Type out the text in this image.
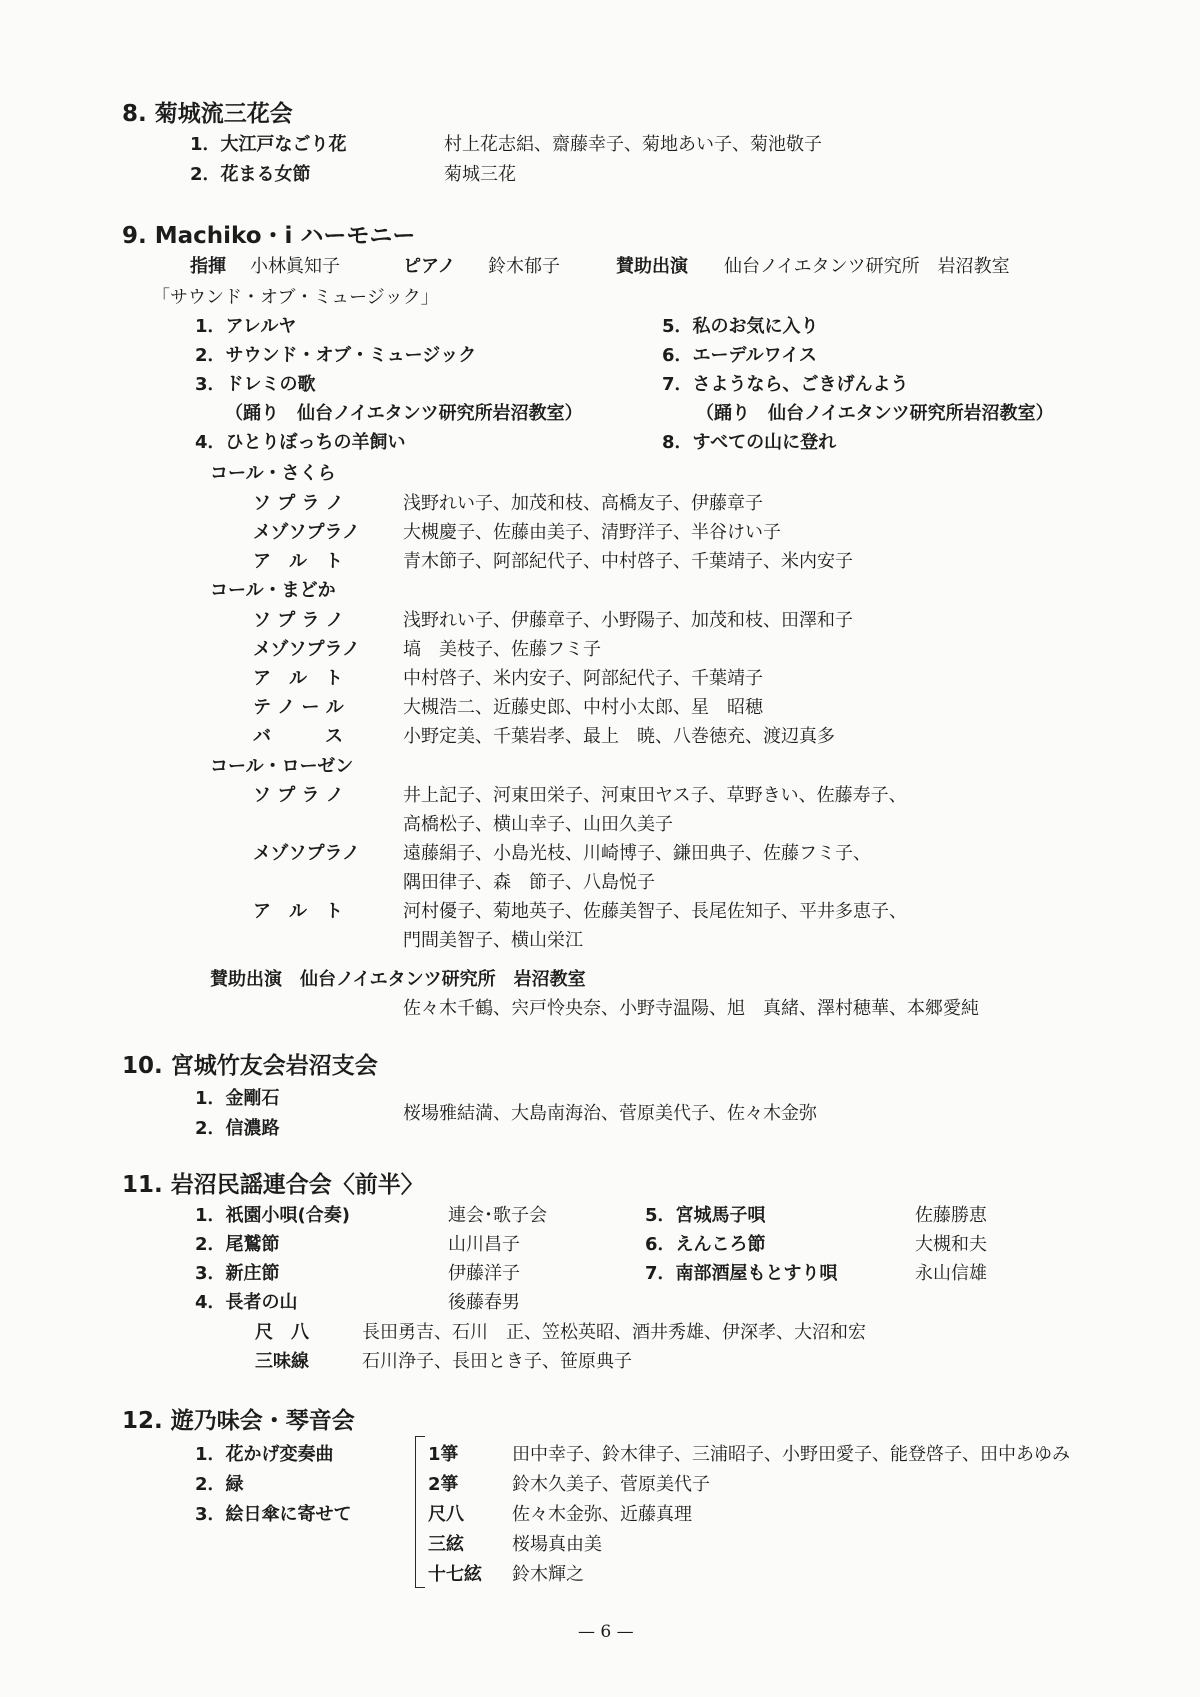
8. 菊城流三花会
1．大江戸なごり花	村上花志絽、齋藤幸子、菊地あい子、菊池敬子
2．花まる女節	菊城三花
9. Machiko・i ハーモニー
指揮 小林眞知子	ピアノ 鈴木郁子	賛助出演 仙台ノイエタンツ研究所　岩沼教室
「サウンド・オブ・ミュージック」
1．アレルヤ
2．サウンド・オブ・ミュージック
3．ドレミの歌
（踊り　仙台ノイエタンツ研究所岩沼教室）
4．ひとりぼっちの羊飼い
5．私のお気に入り
6．エーデルワイス
7．さようなら、ごきげんよう
（踊り　仙台ノイエタンツ研究所岩沼教室）
8．すべての山に登れ
コール・さくら
ソ プ ラ ノ	浅野れい子、加茂和枝、高橋友子、伊藤章子
メゾソプラノ 大槻慶子、佐藤由美子、清野洋子、半谷けい子
ア　ル　ト	青木節子、阿部紀代子、中村啓子、千葉靖子、米内安子
コール・まどか
ソ プ ラ ノ	浅野れい子、伊藤章子、小野陽子、加茂和枝、田澤和子
メゾソプラノ 塙　美枝子、佐藤フミ子
ア　ル　ト	中村啓子、米内安子、阿部紀代子、千葉靖子
テ ノ ー ル	大槻浩二、近藤史郎、中村小太郎、星　昭穂
バ　　　ス	小野定美、千葉岩孝、最上　暁、八巻徳充、渡辺真多
コール・ローゼン
ソ プ ラ ノ	井上記子、河東田栄子、河東田ヤス子、草野きい、佐藤寿子、
高橋松子、横山幸子、山田久美子
メゾソプラノ 遠藤絹子、小島光枝、川崎博子、鎌田典子、佐藤フミ子、
隅田律子、森　節子、八島悦子
ア　ル　ト	河村優子、菊地英子、佐藤美智子、長尾佐知子、平井多恵子、
門間美智子、横山栄江
賛助出演　仙台ノイエタンツ研究所　岩沼教室
佐々木千鶴、宍戸怜央奈、小野寺温陽、旭　真緒、澤村穂華、本郷愛純
10. 宮城竹友会岩沼支会
1．金剛石
2．信濃路
桜場雅結満、大島南海治、菅原美代子、佐々木金弥
11. 岩沼民謡連合会〈前半〉
1．祇園小唄(合奏)	連会･歌子会
2．尾鷲節	山川昌子
3．新庄節	伊藤洋子
4．長者の山	後藤春男
5．宮城馬子唄	佐藤勝恵
6．えんころ節	大槻和夫
7．南部酒屋もとすり唄	永山信雄
尺　八	長田勇吉、石川　正、笠松英昭、酒井秀雄、伊深孝、大沼和宏
三味線	石川浄子、長田とき子、笹原典子
12. 遊乃味会・琴音会
1．花かげ変奏曲
2．緑
3．絵日傘に寄せて
1箏	田中幸子、鈴木律子、三浦昭子、小野田愛子、能登啓子、田中あゆみ
2箏	鈴木久美子、菅原美代子
尺八	佐々木金弥、近藤真理
三絃	桜場真由美
十七絃 鈴木輝之
— 6 —
